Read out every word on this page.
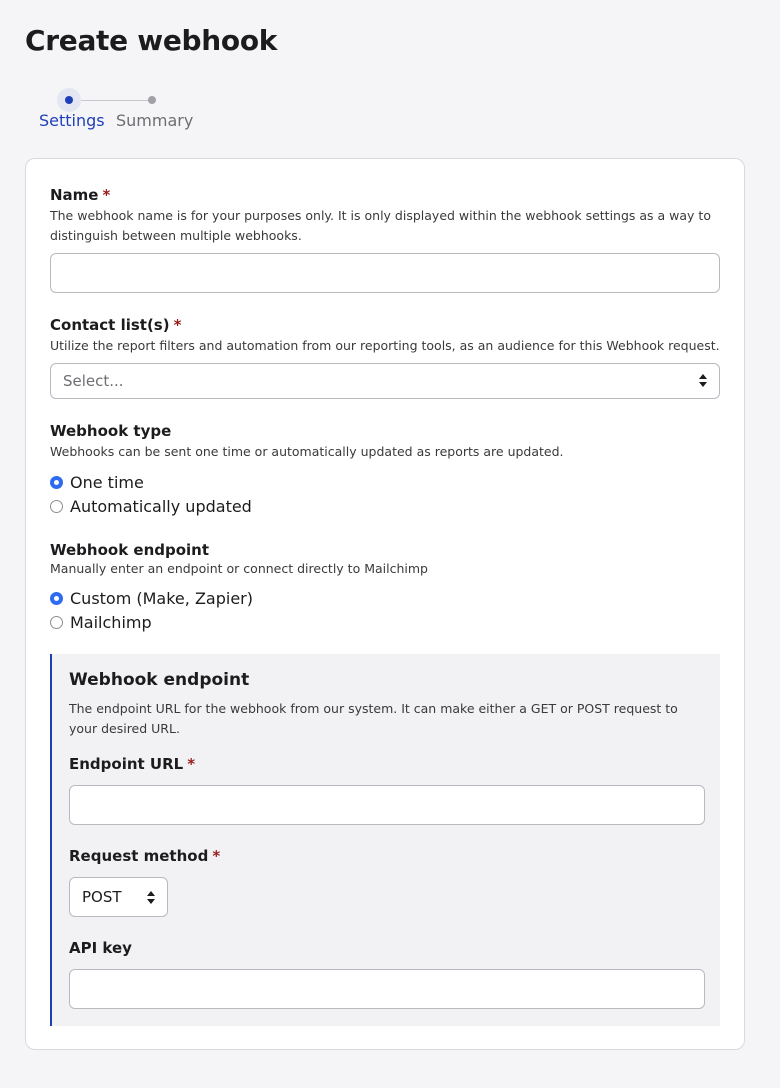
Create webhook
Settings Summary
Name *
The webhook name is for your purposes only. It is only displayed within the webhook settings as a way to distinguish between multiple webhooks.
Contact list(s) *
Utilize the report filters and automation from our reporting tools, as an audience for this Webhook request.
Select...
Webhook type
Webhooks can be sent one time or automatically updated as reports are updated.
One time
Automatically updated
Webhook endpoint
Manually enter an endpoint or connect directly to Mailchimp
Custom (Make, Zapier)
Mailchimp
Webhook endpoint
The endpoint URL for the webhook from our system. It can make either a GET or POST request to your desired URL.
Endpoint URL *
Request method *
POST
API key
